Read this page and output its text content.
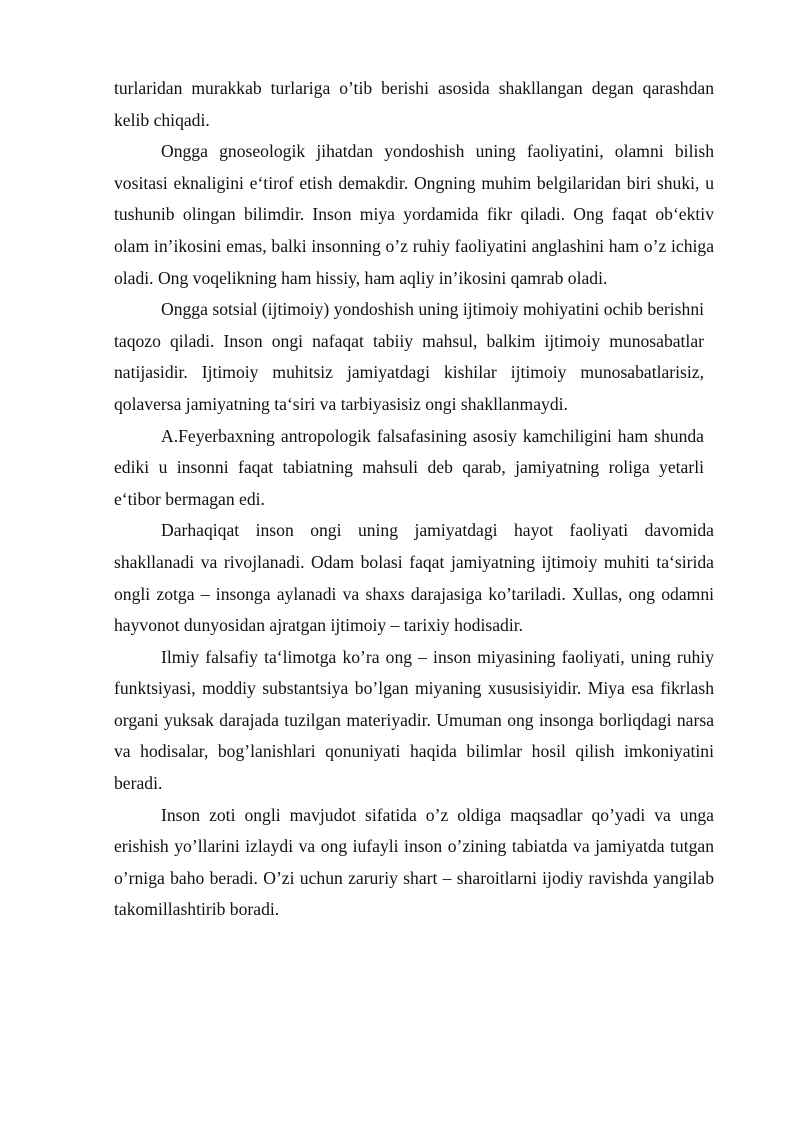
turlaridan murakkab turlariga o’tib berishi asosida shakllangan degan qarashdan kelib chiqadi.

Ongga gnoseologik jihatdan yondoshish uning faoliyatini, olamni bilish vositasi eknaligini e‘tirof etish demakdir. Ongning muhim belgilaridan biri shuki, u tushunib olingan bilimdir. Inson miya yordamida fikr qiladi. Ong faqat ob‘ektiv olam in’ikosini emas, balki insonning o’z ruhiy faoliyatini anglashini ham o’z ichiga oladi. Ong voqelikning ham hissiy, ham aqliy in’ikosini qamrab oladi.

Ongga sotsial (ijtimoiy) yondoshish uning ijtimoiy mohiyatini ochib berishni taqozo qiladi. Inson ongi nafaqat tabiiy mahsul, balkim ijtimoiy munosabatlar natijasidir. Ijtimoiy muhitsiz jamiyatdagi kishilar ijtimoiy munosabatlarisiz, qolaversa jamiyatning ta‘siri va tarbiyasisiz ongi shakllanmaydi.

A.Feyerbaxning antropologik falsafasining asosiy kamchiligini ham shunda ediki u insonni faqat tabiatning mahsuli deb qarab, jamiyatning roliga yetarli e‘tibor bermagan edi.

Darhaqiqat inson ongi uning jamiyatdagi hayot faoliyati davomida shakllanadi va rivojlanadi. Odam bolasi faqat jamiyatning ijtimoiy muhiti ta‘sirida ongli zotga – insonga aylanadi va shaxs darajasiga ko’tariladi. Xullas, ong odamni hayvonot dunyosidan ajratgan ijtimoiy – tarixiy hodisadir.

Ilmiy falsafiy ta‘limotga ko’ra ong – inson miyasining faoliyati, uning ruhiy funktsiyasi, moddiy substantsiya bo’lgan miyaning xususisiyidir. Miya esa fikrlash organi yuksak darajada tuzilgan materiyadir. Umuman ong insonga borliqdagi narsa va hodisalar, bog’lanishlari qonuniyati haqida bilimlar hosil qilish imkoniyatini beradi.

Inson zoti ongli mavjudot sifatida o’z oldiga maqsadlar qo’yadi va unga erishish yo’llarini izlaydi va ong iufayli inson o’zining tabiatda va jamiyatda tutgan o’rniga baho beradi. O’zi uchun zaruriy shart – sharoitlarni ijodiy ravishda yangilab takomillashtirib boradi.
